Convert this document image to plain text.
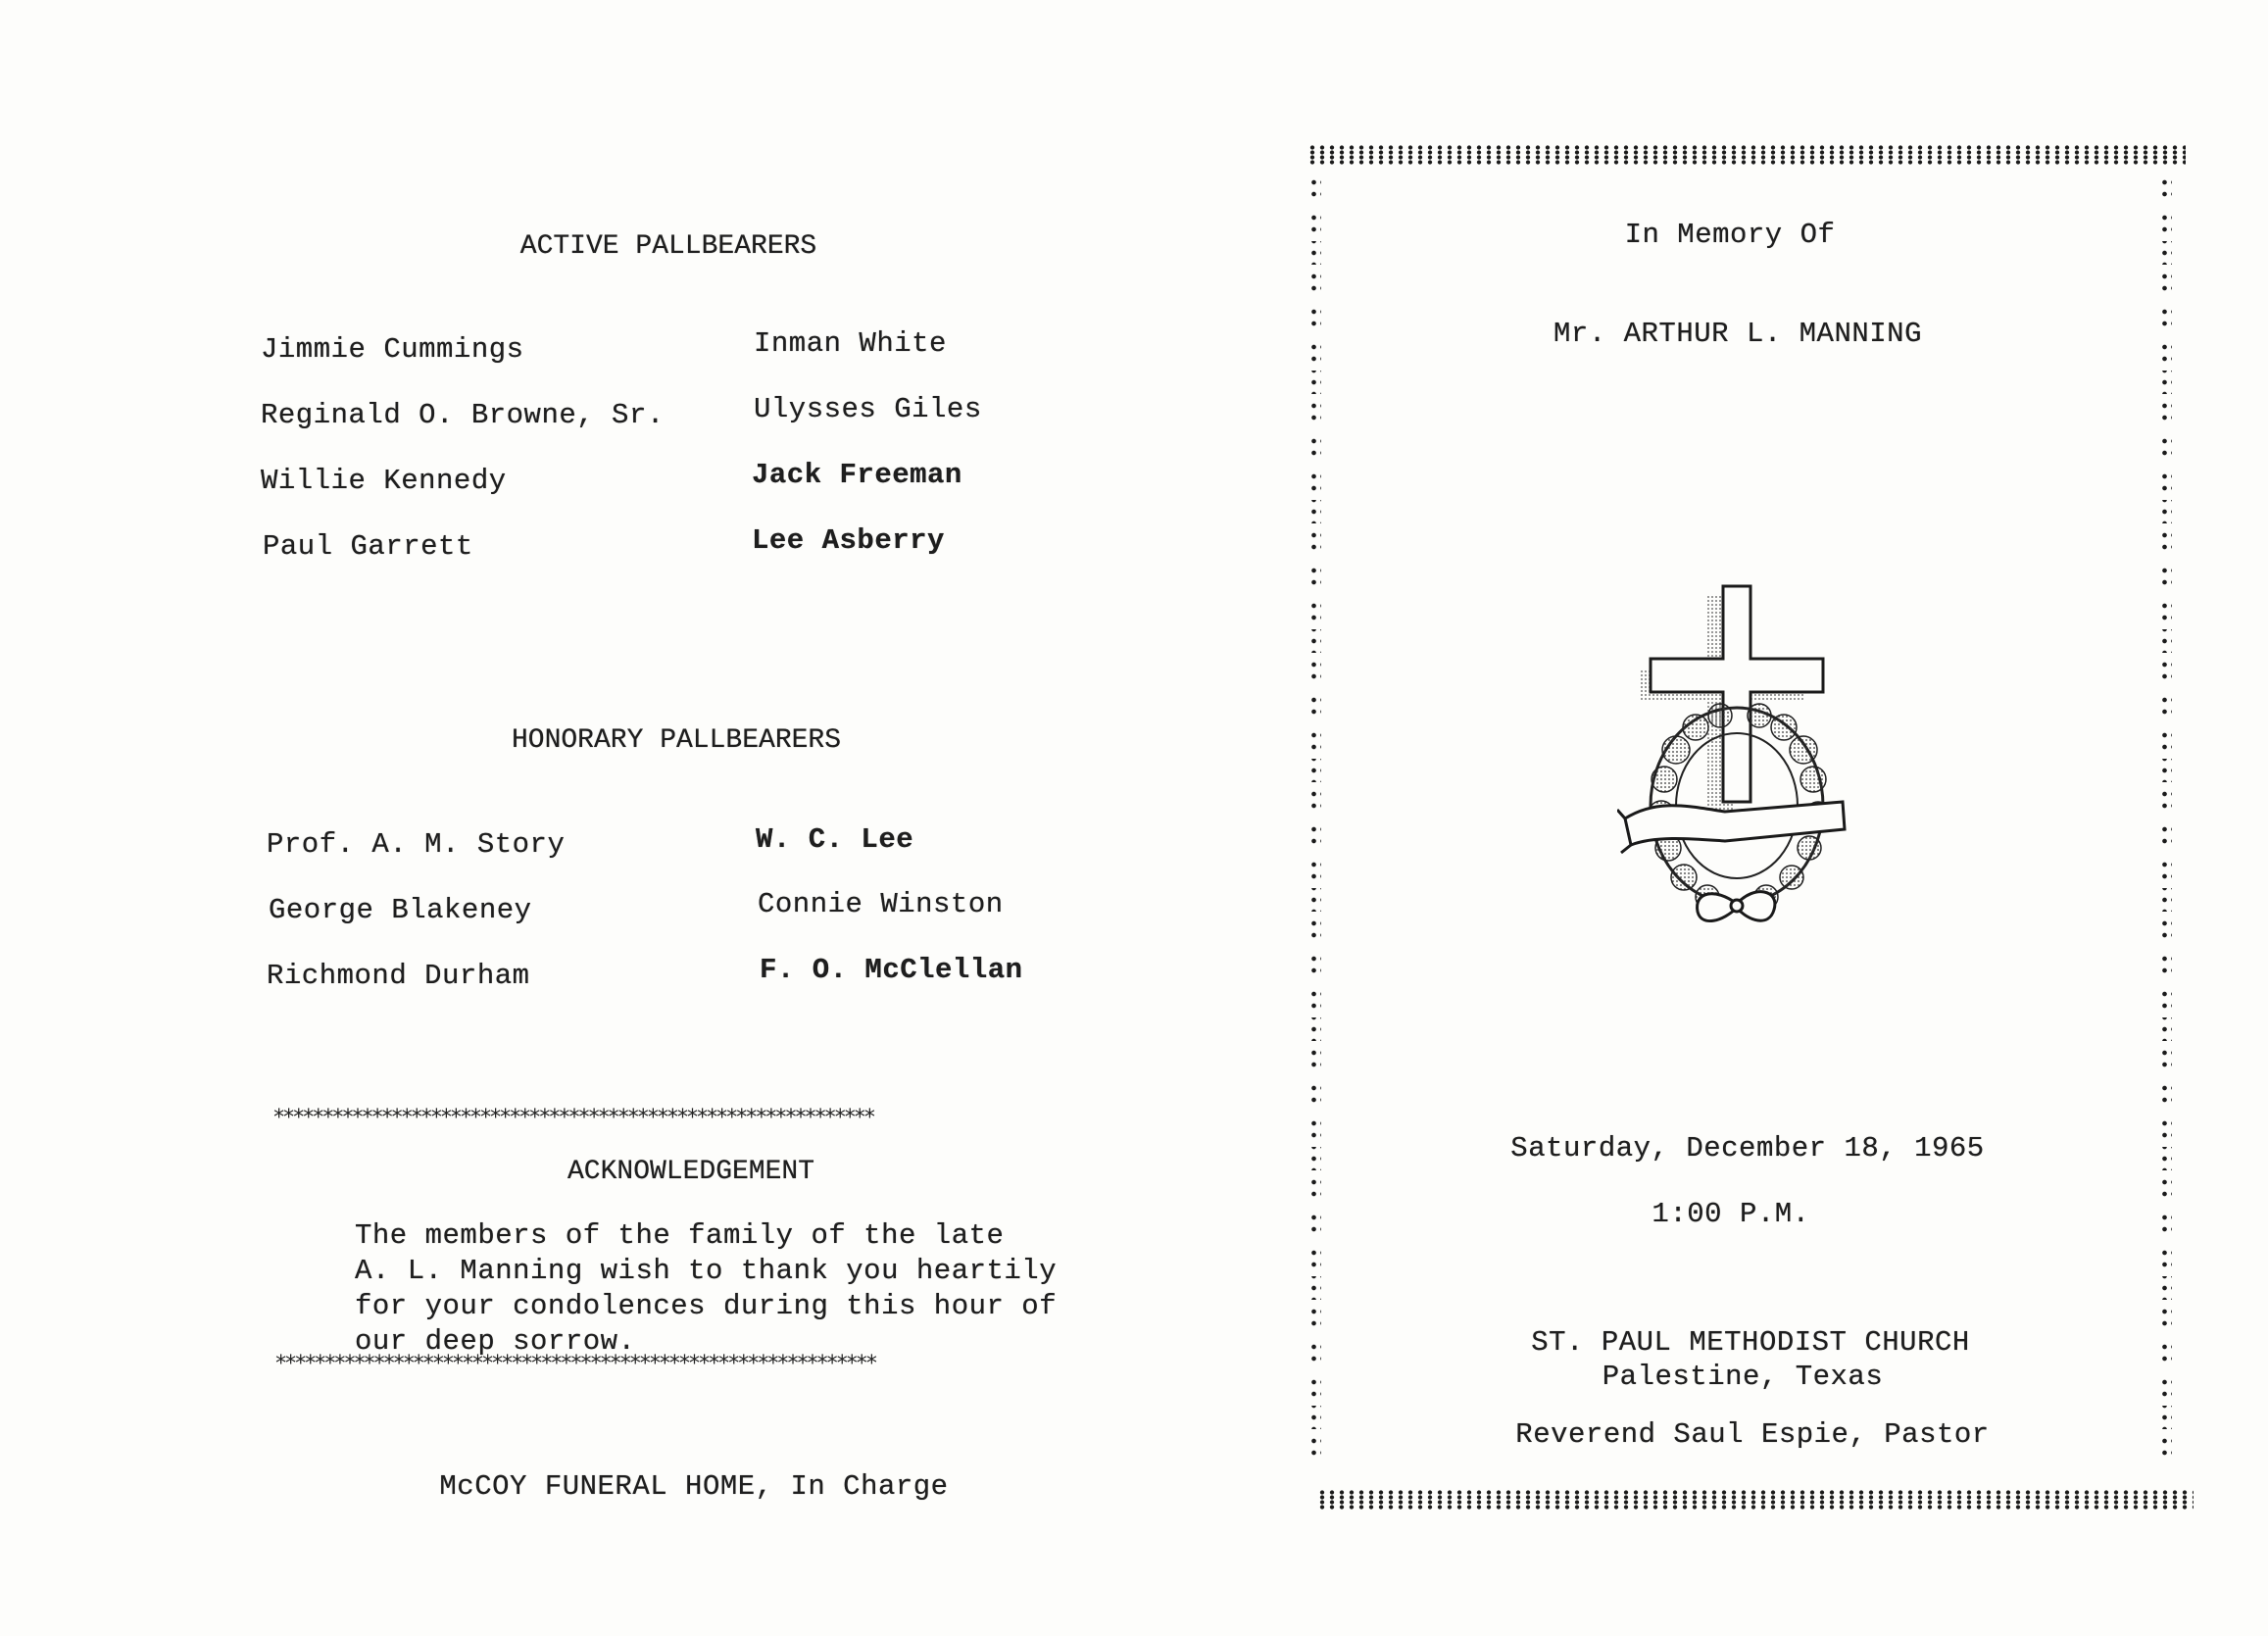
ACTIVE PALLBEARERS
Jimmie Cummings
Reginald O. Browne, Sr.
Willie Kennedy
Paul Garrett
Inman White
Ulysses Giles
Jack Freeman
Lee Asberry
HONORARY PALLBEARERS
Prof. A. M. Story
George Blakeney
Richmond Durham
W. C. Lee
Connie Winston
F. O. McClellan
*************************************************************
ACKNOWLEDGEMENT
The members of the family of the late
A. L. Manning wish to thank you heartily
for your condolences during this hour of
our deep sorrow.
*************************************************************
McCOY FUNERAL HOME, In Charge
In Memory Of
Mr. ARTHUR L. MANNING
Saturday, December 18, 1965
1:00 P.M.
ST. PAUL METHODIST CHURCH
Palestine, Texas
Reverend Saul Espie, Pastor
